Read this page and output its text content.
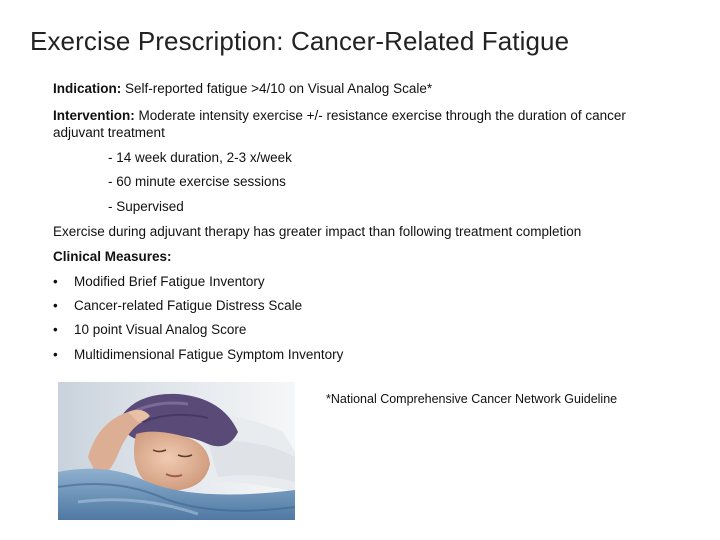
Exercise Prescription: Cancer-Related Fatigue
Indication: Self-reported fatigue >4/10 on Visual Analog Scale*
Intervention: Moderate intensity exercise +/- resistance exercise through the duration of cancer adjuvant treatment
- 14 week duration, 2-3 x/week
- 60 minute exercise sessions
- Supervised
Exercise during adjuvant therapy has greater impact than following treatment completion
Clinical Measures:
• Modified Brief Fatigue Inventory
• Cancer-related Fatigue Distress Scale
• 10 point Visual Analog Score
• Multidimensional Fatigue Symptom Inventory
*National Comprehensive Cancer Network Guideline
